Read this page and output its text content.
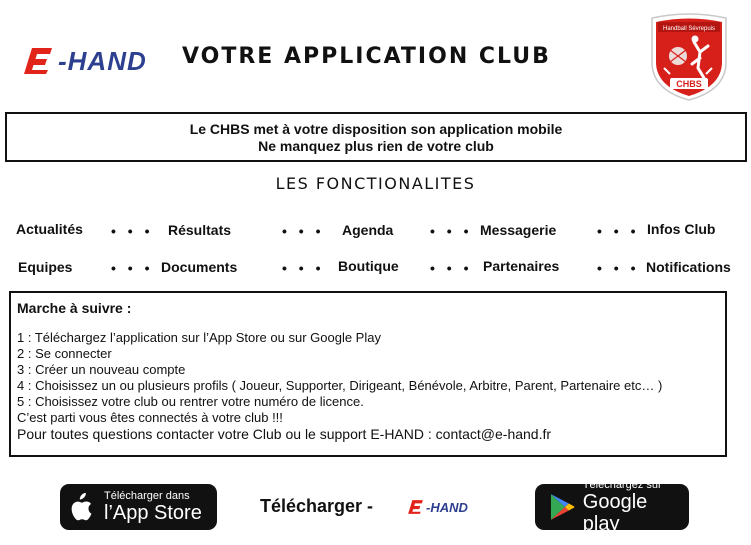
-HAND VOTRE APPLICATION CLUB
Handball Sévrepuis
CHBS
Le CHBS met à votre disposition son application mobile
Ne manquez plus rien de votre club
LES FONCTIONALITES
Actualités • • • Résultats	• • • Agenda	• • • Messagerie	• • • Infos Club
Equipes	• • • Documents	• • • Boutique • • • Partenaires	• • • Notifications
Marche à suivre :
1 : Téléchargez l’application sur l’App Store ou sur Google Play
2 : Se connecter
3 : Créer un nouveau compte
4 : Choisissez un ou plusieurs profils ( Joueur, Supporter, Dirigeant, Bénévole, Arbitre, Parent, Partenaire etc… )
5 : Choisissez votre club ou rentrer votre numéro de licence.
C’est parti vous êtes connectés à votre club !!!
Pour toutes questions contacter votre Club ou le support E-HAND : contact@e-hand.fr
Télécharger dans
l’App Store	Télécharger -	-HAND
Téléchargez sur
Google play
